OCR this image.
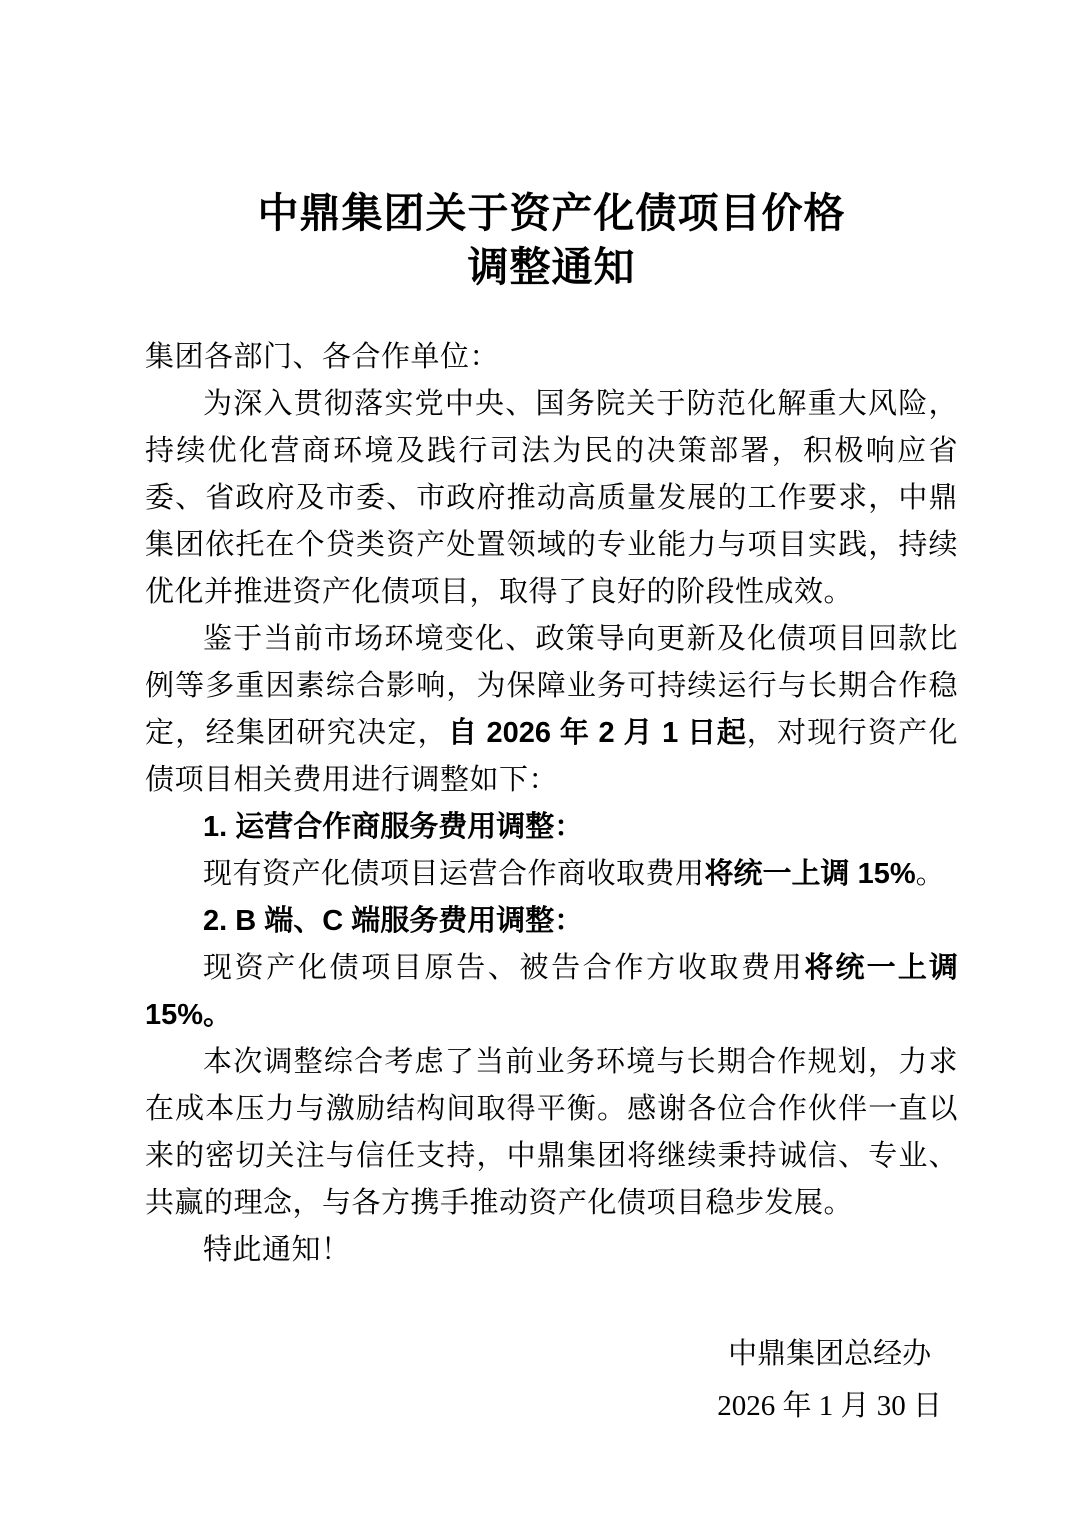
中鼎集团关于资产化债项目价格
调整通知

集团各部门、各合作单位：

为深入贯彻落实党中央、国务院关于防范化解重大风险，持续优化营商环境及践行司法为民的决策部署，积极响应省委、省政府及市委、市政府推动高质量发展的工作要求，中鼎集团依托在个贷类资产处置领域的专业能力与项目实践，持续优化并推进资产化债项目，取得了良好的阶段性成效。

鉴于当前市场环境变化、政策导向更新及化债项目回款比例等多重因素综合影响，为保障业务可持续运行与长期合作稳定，经集团研究决定，自 2026 年 2 月 1 日起，对现行资产化债项目相关费用进行调整如下：

1. 运营合作商服务费用调整：

现有资产化债项目运营合作商收取费用将统一上调 15%。

2. B 端、C 端服务费用调整：

现资产化债项目原告、被告合作方收取费用将统一上调 15%。

本次调整综合考虑了当前业务环境与长期合作规划，力求在成本压力与激励结构间取得平衡。感谢各位合作伙伴一直以来的密切关注与信任支持，中鼎集团将继续秉持诚信、专业、共赢的理念，与各方携手推动资产化债项目稳步发展。

特此通知！

中鼎集团总经办
2026 年 1 月 30 日
